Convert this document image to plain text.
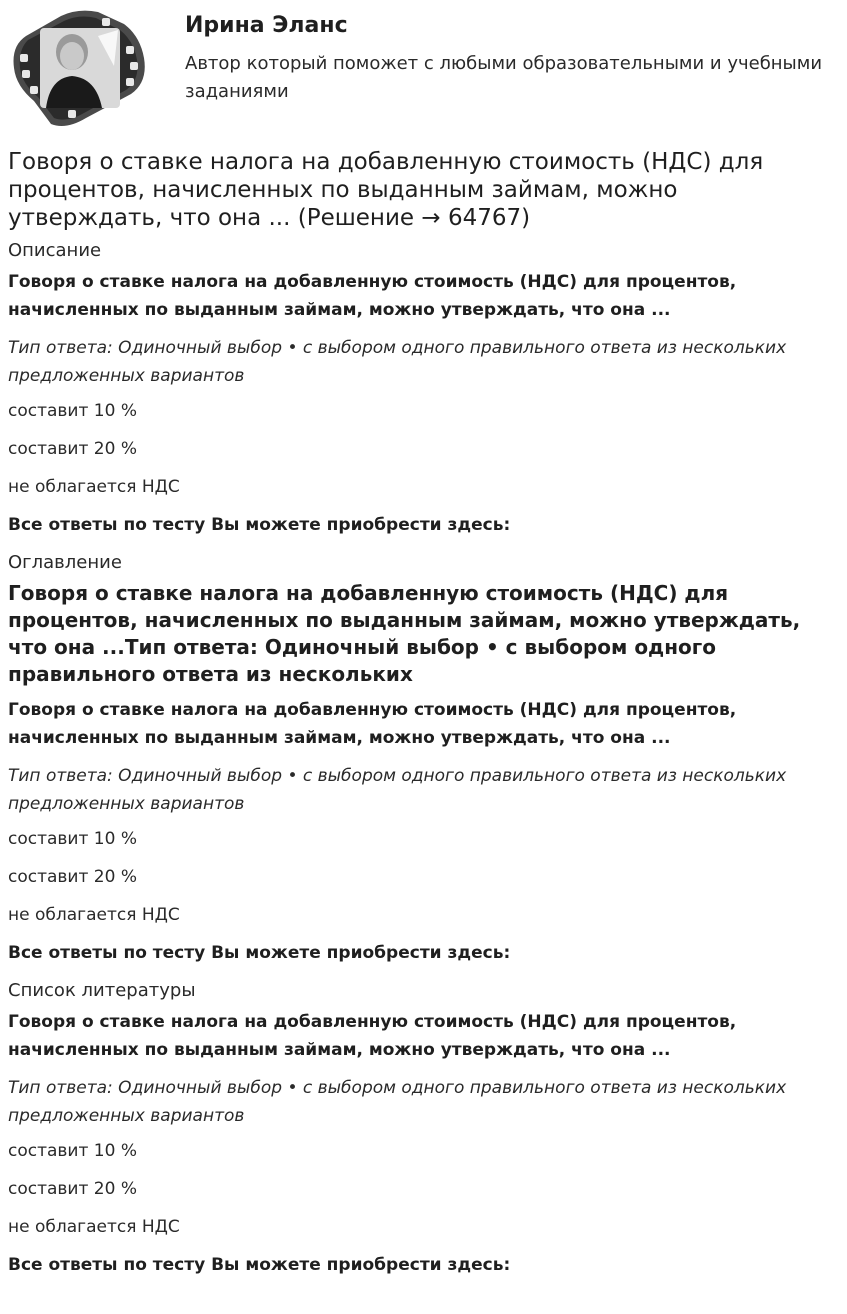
Ирина Эланс
Автор который поможет с любыми образовательными и учебными заданиями
Говоря о ставке налога на добавленную стоимость (НДС) для процентов, начисленных по выданным займам, можно утверждать, что она ... (Решение → 64767)
Описание
Говоря о ставке налога на добавленную стоимость (НДС) для процентов, начисленных по выданным займам, можно утверждать, что она ...
Тип ответа: Одиночный выбор • с выбором одного правильного ответа из нескольких предложенных вариантов
составит 10 %
составит 20 %
не облагается НДС
Все ответы по тесту Вы можете приобрести здесь:
Оглавление
Говоря о ставке налога на добавленную стоимость (НДС) для процентов, начисленных по выданным займам, можно утверждать, что она ...Тип ответа: Одиночный выбор • с выбором одного правильного ответа из нескольких
Говоря о ставке налога на добавленную стоимость (НДС) для процентов, начисленных по выданным займам, можно утверждать, что она ...
Тип ответа: Одиночный выбор • с выбором одного правильного ответа из нескольких предложенных вариантов
составит 10 %
составит 20 %
не облагается НДС
Все ответы по тесту Вы можете приобрести здесь:
Список литературы
Говоря о ставке налога на добавленную стоимость (НДС) для процентов, начисленных по выданным займам, можно утверждать, что она ...
Тип ответа: Одиночный выбор • с выбором одного правильного ответа из нескольких предложенных вариантов
составит 10 %
составит 20 %
не облагается НДС
Все ответы по тесту Вы можете приобрести здесь:
